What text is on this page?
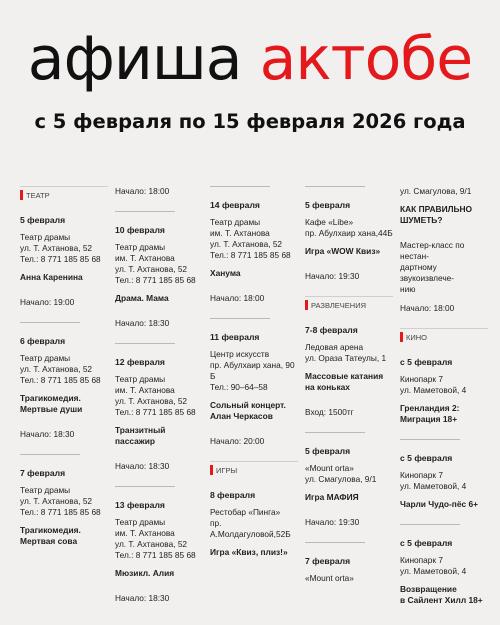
афиша актобе
с 5 февраля по 15 февраля 2026 года
ТЕАТР
5 февраля
Театр драмы
ул. Т. Ахтанова, 52
Тел.: 8 771 185 85 68
Анна Каренина
Начало: 19:00
6 февраля
Театр драмы
ул. Т. Ахтанова, 52
Тел.: 8 771 185 85 68
Трагикомедия.
Мертвые души
Начало: 18:30
7 февраля
Театр драмы
ул. Т. Ахтанова, 52
Тел.: 8 771 185 85 68
Трагикомедия.
Мертвая сова
Начало: 18:00
10 февраля
Театр драмы
им. Т. Ахтанова
ул. Т. Ахтанова, 52
Тел.: 8 771 185 85 68
Драма. Мама
Начало: 18:30
12 февраля
Театр драмы
им. Т. Ахтанова
ул. Т. Ахтанова, 52
Тел.: 8 771 185 85 68
Транзитный пассажир
Начало: 18:30
13 февраля
Театр драмы
им. Т. Ахтанова
ул. Т. Ахтанова, 52
Тел.: 8 771 185 85 68
Мюзикл. Алия
Начало: 18:30
14 февраля
Театр драмы
им. Т. Ахтанова
ул. Т. Ахтанова, 52
Тел.: 8 771 185 85 68
Ханума
Начало: 18:00
11 февраля
Центр искусств
пр. Абулхаир хана, 90 Б
Тел.: 90–64–58
Сольный концерт.
Алан Черкасов
Начало: 20:00
ИГРЫ
8 февраля
Рестобар «Пинга»
пр. А.Молдагуловой,52Б
Игра «Квиз, плиз!»
5 февраля
Кафе «Libe»
пр. Абулхаир хана,44Б
Игра «WOW Квиз»
Начало: 19:30
РАЗВЛЕЧЕНИЯ
7-8 февраля
Ледовая арена
ул. Ораза Татеулы, 1
Массовые катания
на коньках
Вход: 1500тг
5 февраля
«Mount orta»
ул. Смагулова, 9/1
Игра МАФИЯ
Начало: 19:30
7 февраля
«Mount orta»
ул. Смагулова, 9/1
КАК ПРАВИЛЬНО
ШУМЕТЬ?
Мастер-класс по нестан-
дартному звукоизвлече-
нию
Начало: 18:00
КИНО
с 5 февраля
Кинопарк 7
ул. Маметовой, 4
Гренландия 2:
Миграция 18+
с 5 февраля
Кинопарк 7
ул. Маметовой, 4
Чарли Чудо-пёс 6+
с 5 февраля
Кинопарк 7
ул. Маметовой, 4
Возвращение
в Сайлент Хилл 18+
